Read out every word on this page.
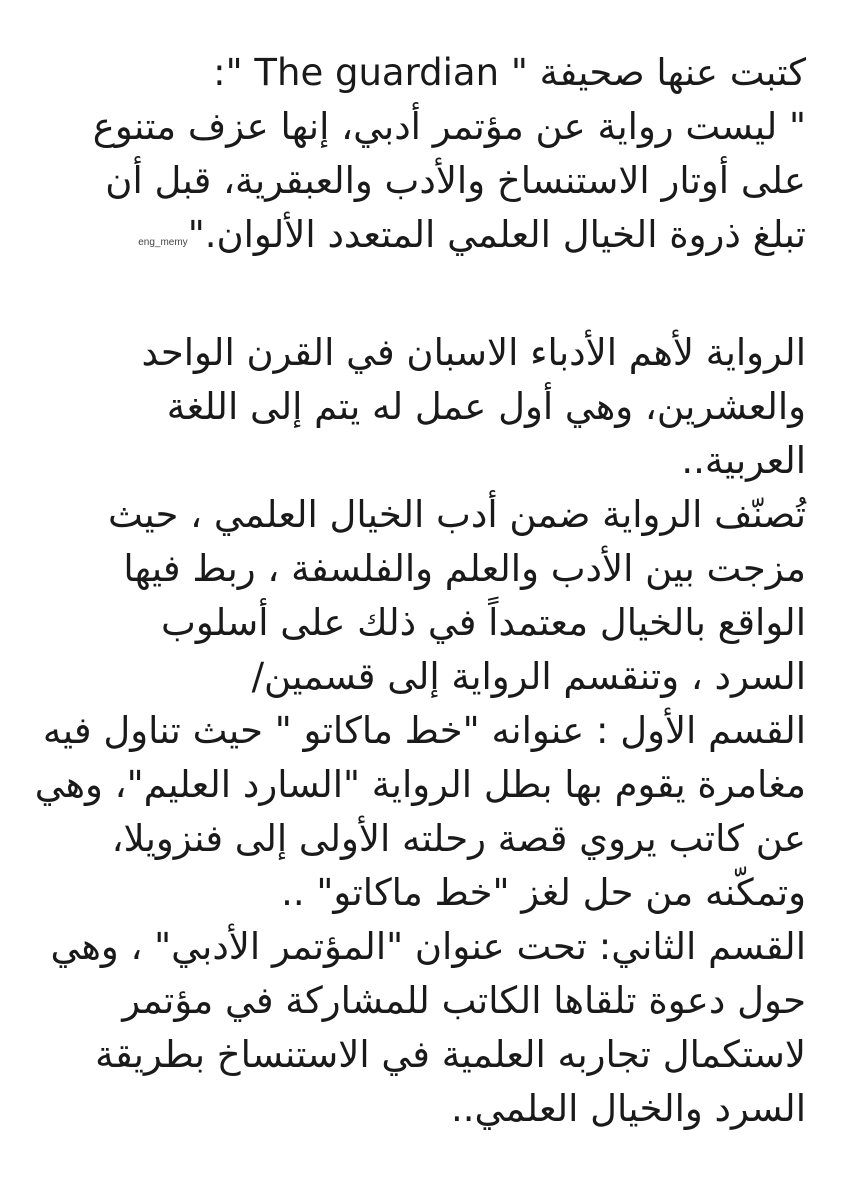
كتبت عنها صحيفة " The guardian ":
" ليست رواية عن مؤتمر أدبي، إنها عزف متنوع
على أوتار الاستنساخ والأدب والعبقرية، قبل أن
تبلغ ذروة الخيال العلمي المتعدد الألوان."eng_memy
الرواية لأهم الأدباء الاسبان في القرن الواحد
والعشرين، وهي أول عمل له يتم إلى اللغة
العربية..
تُصنّف الرواية ضمن أدب الخيال العلمي ، حيث
مزجت بين الأدب والعلم والفلسفة ، ربط فيها
الواقع بالخيال معتمداً في ذلك على أسلوب
السرد ، وتنقسم الرواية إلى قسمين/
القسم الأول : عنوانه "خط ماكاتو " حيث تناول فيه
مغامرة يقوم بها بطل الرواية "السارد العليم"، وهي
عن كاتب يروي قصة رحلته الأولى إلى فنزويلا،
وتمكّنه من حل لغز "خط ماكاتو" ..
القسم الثاني: تحت عنوان "المؤتمر الأدبي" ، وهي
حول دعوة تلقاها الكاتب للمشاركة في مؤتمر
لاستكمال تجاربه العلمية في الاستنساخ بطريقة
السرد والخيال العلمي..
